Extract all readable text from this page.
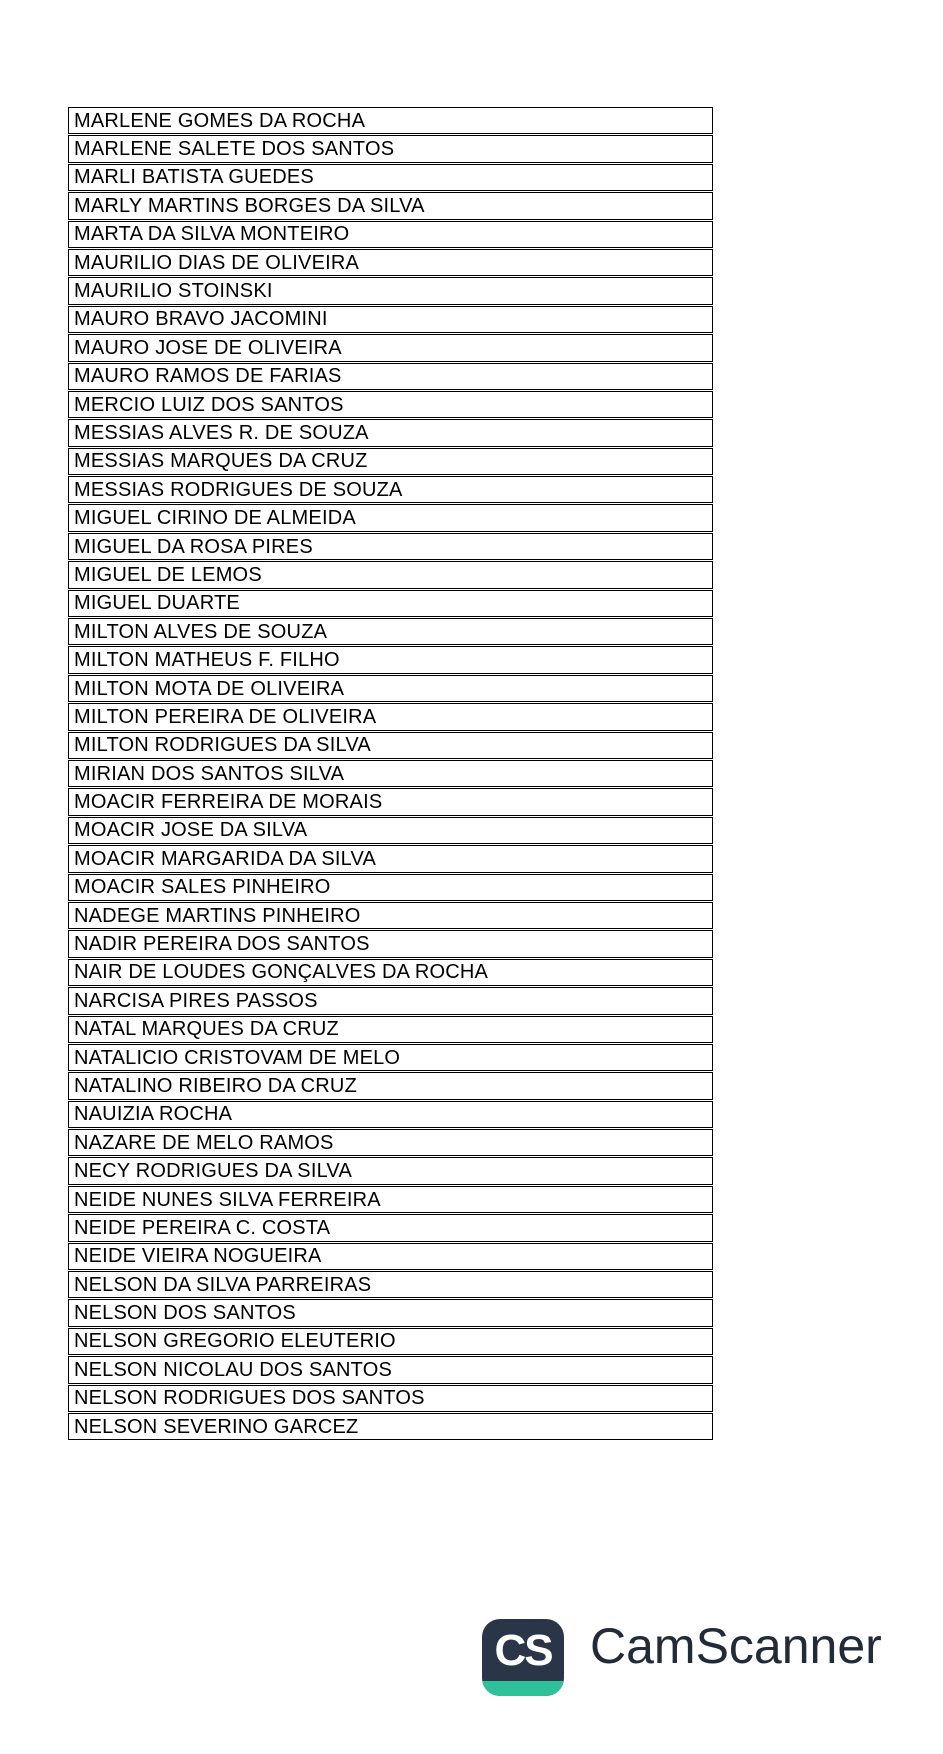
MARLENE GOMES DA ROCHA
MARLENE SALETE DOS SANTOS
MARLI BATISTA GUEDES
MARLY MARTINS BORGES DA SILVA
MARTA DA SILVA MONTEIRO
MAURILIO DIAS DE OLIVEIRA
MAURILIO STOINSKI
MAURO BRAVO JACOMINI
MAURO JOSE DE OLIVEIRA
MAURO RAMOS DE FARIAS
MERCIO LUIZ DOS SANTOS
MESSIAS ALVES R. DE SOUZA
MESSIAS MARQUES DA CRUZ
MESSIAS RODRIGUES DE SOUZA
MIGUEL CIRINO DE ALMEIDA
MIGUEL DA ROSA PIRES
MIGUEL DE LEMOS
MIGUEL DUARTE
MILTON ALVES DE SOUZA
MILTON MATHEUS F. FILHO
MILTON MOTA DE OLIVEIRA
MILTON PEREIRA DE OLIVEIRA
MILTON RODRIGUES DA SILVA
MIRIAN DOS SANTOS SILVA
MOACIR FERREIRA DE MORAIS
MOACIR JOSE DA SILVA
MOACIR MARGARIDA DA SILVA
MOACIR SALES PINHEIRO
NADEGE MARTINS PINHEIRO
NADIR PEREIRA DOS SANTOS
NAIR DE LOUDES GONÇALVES DA ROCHA
NARCISA PIRES PASSOS
NATAL MARQUES DA CRUZ
NATALICIO CRISTOVAM DE MELO
NATALINO RIBEIRO DA CRUZ
NAUIZIA ROCHA
NAZARE DE MELO RAMOS
NECY RODRIGUES DA SILVA
NEIDE NUNES SILVA FERREIRA
NEIDE PEREIRA C. COSTA
NEIDE VIEIRA NOGUEIRA
NELSON DA SILVA PARREIRAS
NELSON DOS SANTOS
NELSON GREGORIO ELEUTERIO
NELSON NICOLAU DOS SANTOS
NELSON RODRIGUES DOS SANTOS
NELSON SEVERINO GARCEZ
CS CamScanner
